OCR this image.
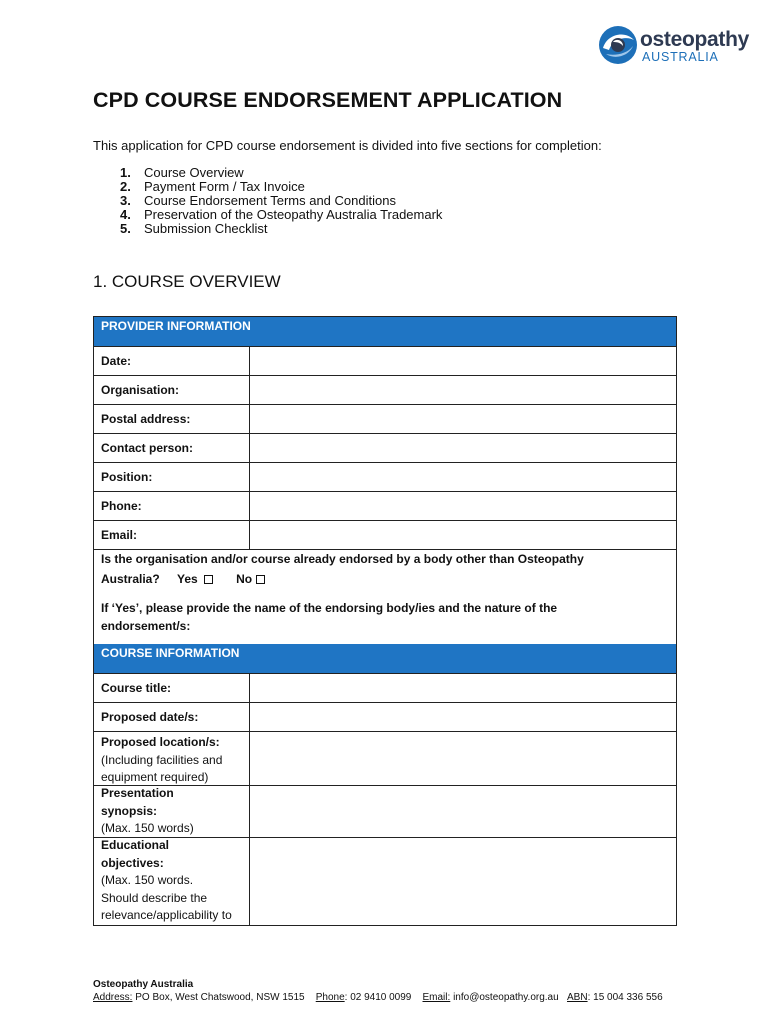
osteopathy
AUSTRALIA
CPD COURSE ENDORSEMENT APPLICATION
This application for CPD course endorsement is divided into five sections for completion:
1.	Course Overview
2.	Payment Form / Tax Invoice
3.	Course Endorsement Terms and Conditions
4.	Preservation of the Osteopathy Australia Trademark
5.	Submission Checklist
1. COURSE OVERVIEW
PROVIDER INFORMATION
Date:
Organisation:
Postal address:
Contact person:
Position:
Phone:
Email:
Is the organisation and/or course already endorsed by a body other than Osteopathy
Australia? Yes	No
If ‘Yes’, please provide the name of the endorsing body/ies and the nature of the
endorsement/s:
COURSE INFORMATION
Course title:
Proposed date/s:
Proposed location/s:
(Including facilities and
equipment required)
Presentation
synopsis:
(Max. 150 words)
Educational
objectives:
(Max. 150 words.
Should describe the
relevance/applicability to
Osteopathy Australia
Address: PO Box, West Chatswood, NSW 1515 Phone: 02 9410 0099 Email: info@osteopathy.org.au ABN: 15 004 336 556
